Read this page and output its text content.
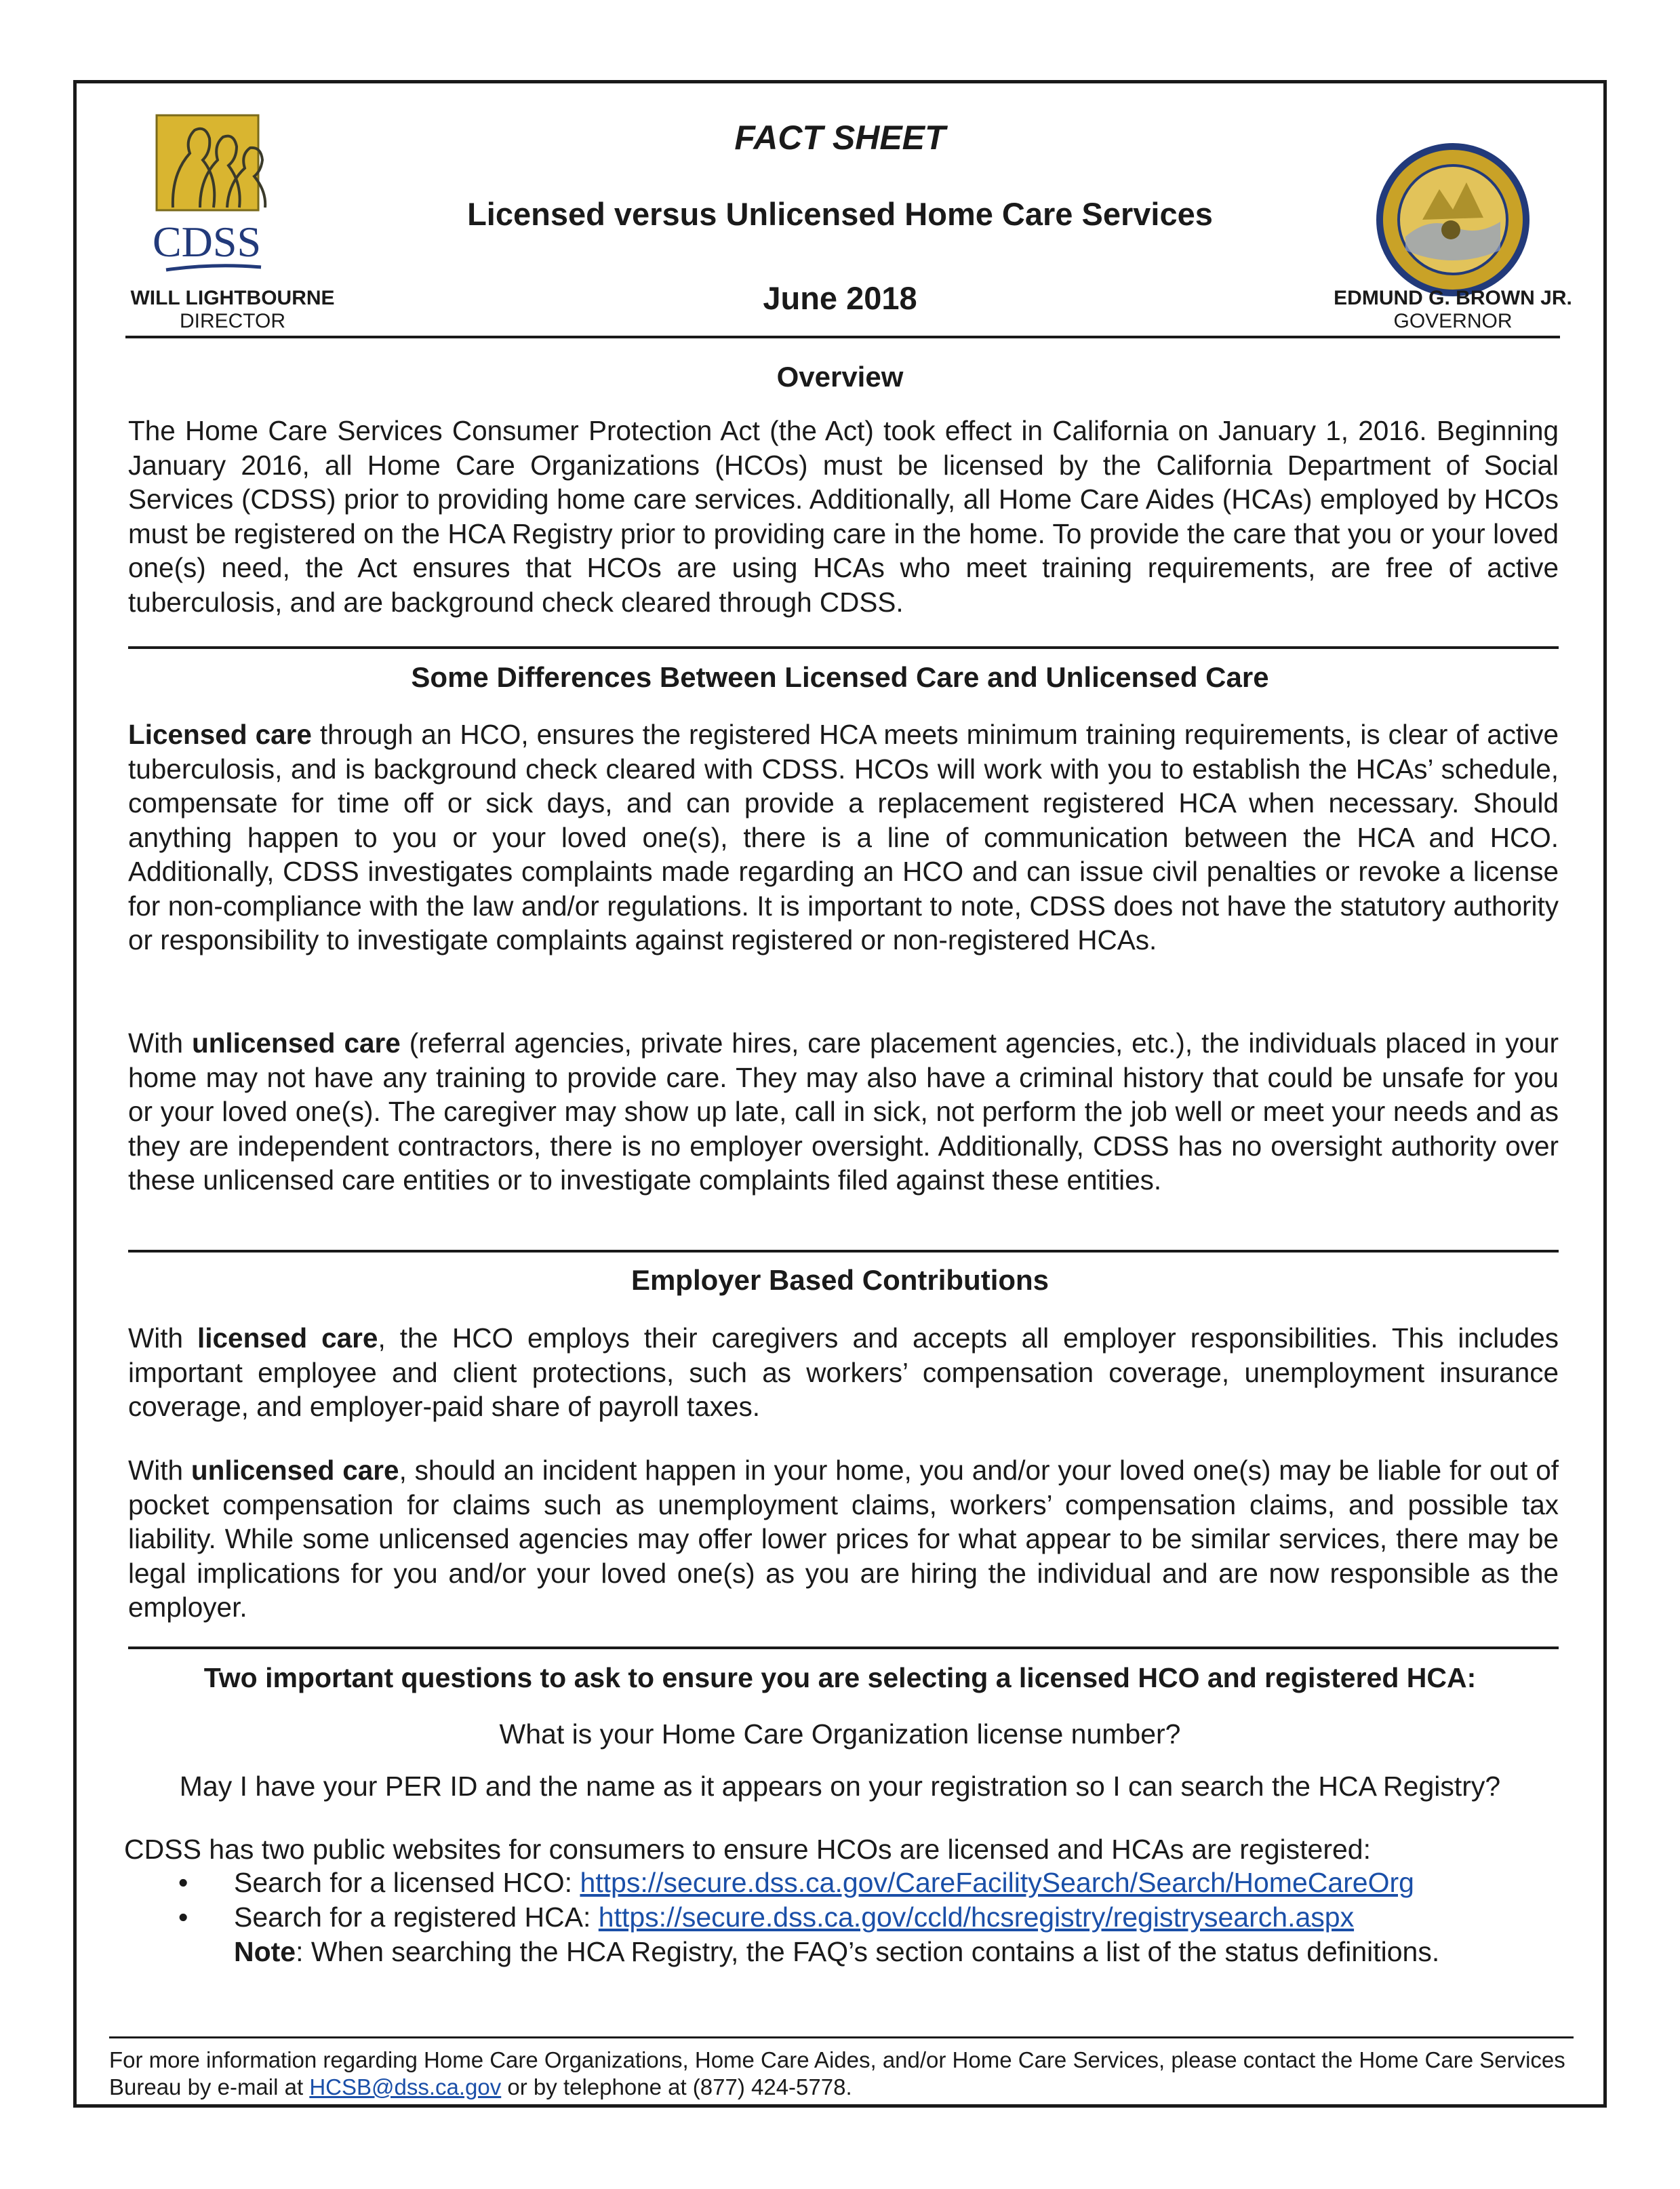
CDSS
WILL LIGHTBOURNE
DIRECTOR
FACT SHEET
Licensed versus Unlicensed Home Care Services
June 2018	EDMUND G. BROWN JR.
GOVERNOR
Overview

The Home Care Services Consumer Protection Act (the Act) took effect in California on January 1, 2016. Beginning January 2016, all Home Care Organizations (HCOs) must be licensed by the California Department of Social Services (CDSS) prior to providing home care services. Additionally, all Home Care Aides (HCAs) employed by HCOs must be registered on the HCA Registry prior to providing care in the home. To provide the care that you or your loved one(s) need, the Act ensures that HCOs are using HCAs who meet training requirements, are free of active tuberculosis, and are background check cleared through CDSS.

Some Differences Between Licensed Care and Unlicensed Care

Licensed care through an HCO, ensures the registered HCA meets minimum training requirements, is clear of active tuberculosis, and is background check cleared with CDSS. HCOs will work with you to establish the HCAs’ schedule, compensate for time off or sick days, and can provide a replacement registered HCA when necessary. Should anything happen to you or your loved one(s), there is a line of communication between the HCA and HCO. Additionally, CDSS investigates complaints made regarding an HCO and can issue civil penalties or revoke a license for non-compliance with the law and/or regulations. It is important to note, CDSS does not have the statutory authority or responsibility to investigate complaints against registered or non-registered HCAs.

With unlicensed care (referral agencies, private hires, care placement agencies, etc.), the individuals placed in your home may not have any training to provide care. They may also have a criminal history that could be unsafe for you or your loved one(s). The caregiver may show up late, call in sick, not perform the job well or meet your needs and as they are independent contractors, there is no employer oversight. Additionally, CDSS has no oversight authority over these unlicensed care entities or to investigate complaints filed against these entities.

Employer Based Contributions

With licensed care, the HCO employs their caregivers and accepts all employer responsibilities. This includes important employee and client protections, such as workers’ compensation coverage, unemployment insurance coverage, and employer-paid share of payroll taxes.

With unlicensed care, should an incident happen in your home, you and/or your loved one(s) may be liable for out of pocket compensation for claims such as unemployment claims, workers’ compensation claims, and possible tax liability. While some unlicensed agencies may offer lower prices for what appear to be similar services, there may be legal implications for you and/or your loved one(s) as you are hiring the individual and are now responsible as the employer.

Two important questions to ask to ensure you are selecting a licensed HCO and registered HCA:
What is your Home Care Organization license number?
May I have your PER ID and the name as it appears on your registration so I can search the HCA Registry?
CDSS has two public websites for consumers to ensure HCOs are licensed and HCAs are registered:
• Search for a licensed HCO: https://secure.dss.ca.gov/CareFacilitySearch/Search/HomeCareOrg
• Search for a registered HCA: https://secure.dss.ca.gov/ccld/hcsregistry/registrysearch.aspx
Note: When searching the HCA Registry, the FAQ’s section contains a list of the status definitions.
For more information regarding Home Care Organizations, Home Care Aides, and/or Home Care Services, please contact the Home Care Services Bureau by e-mail at HCSB@dss.ca.gov or by telephone at (877) 424-5778.
